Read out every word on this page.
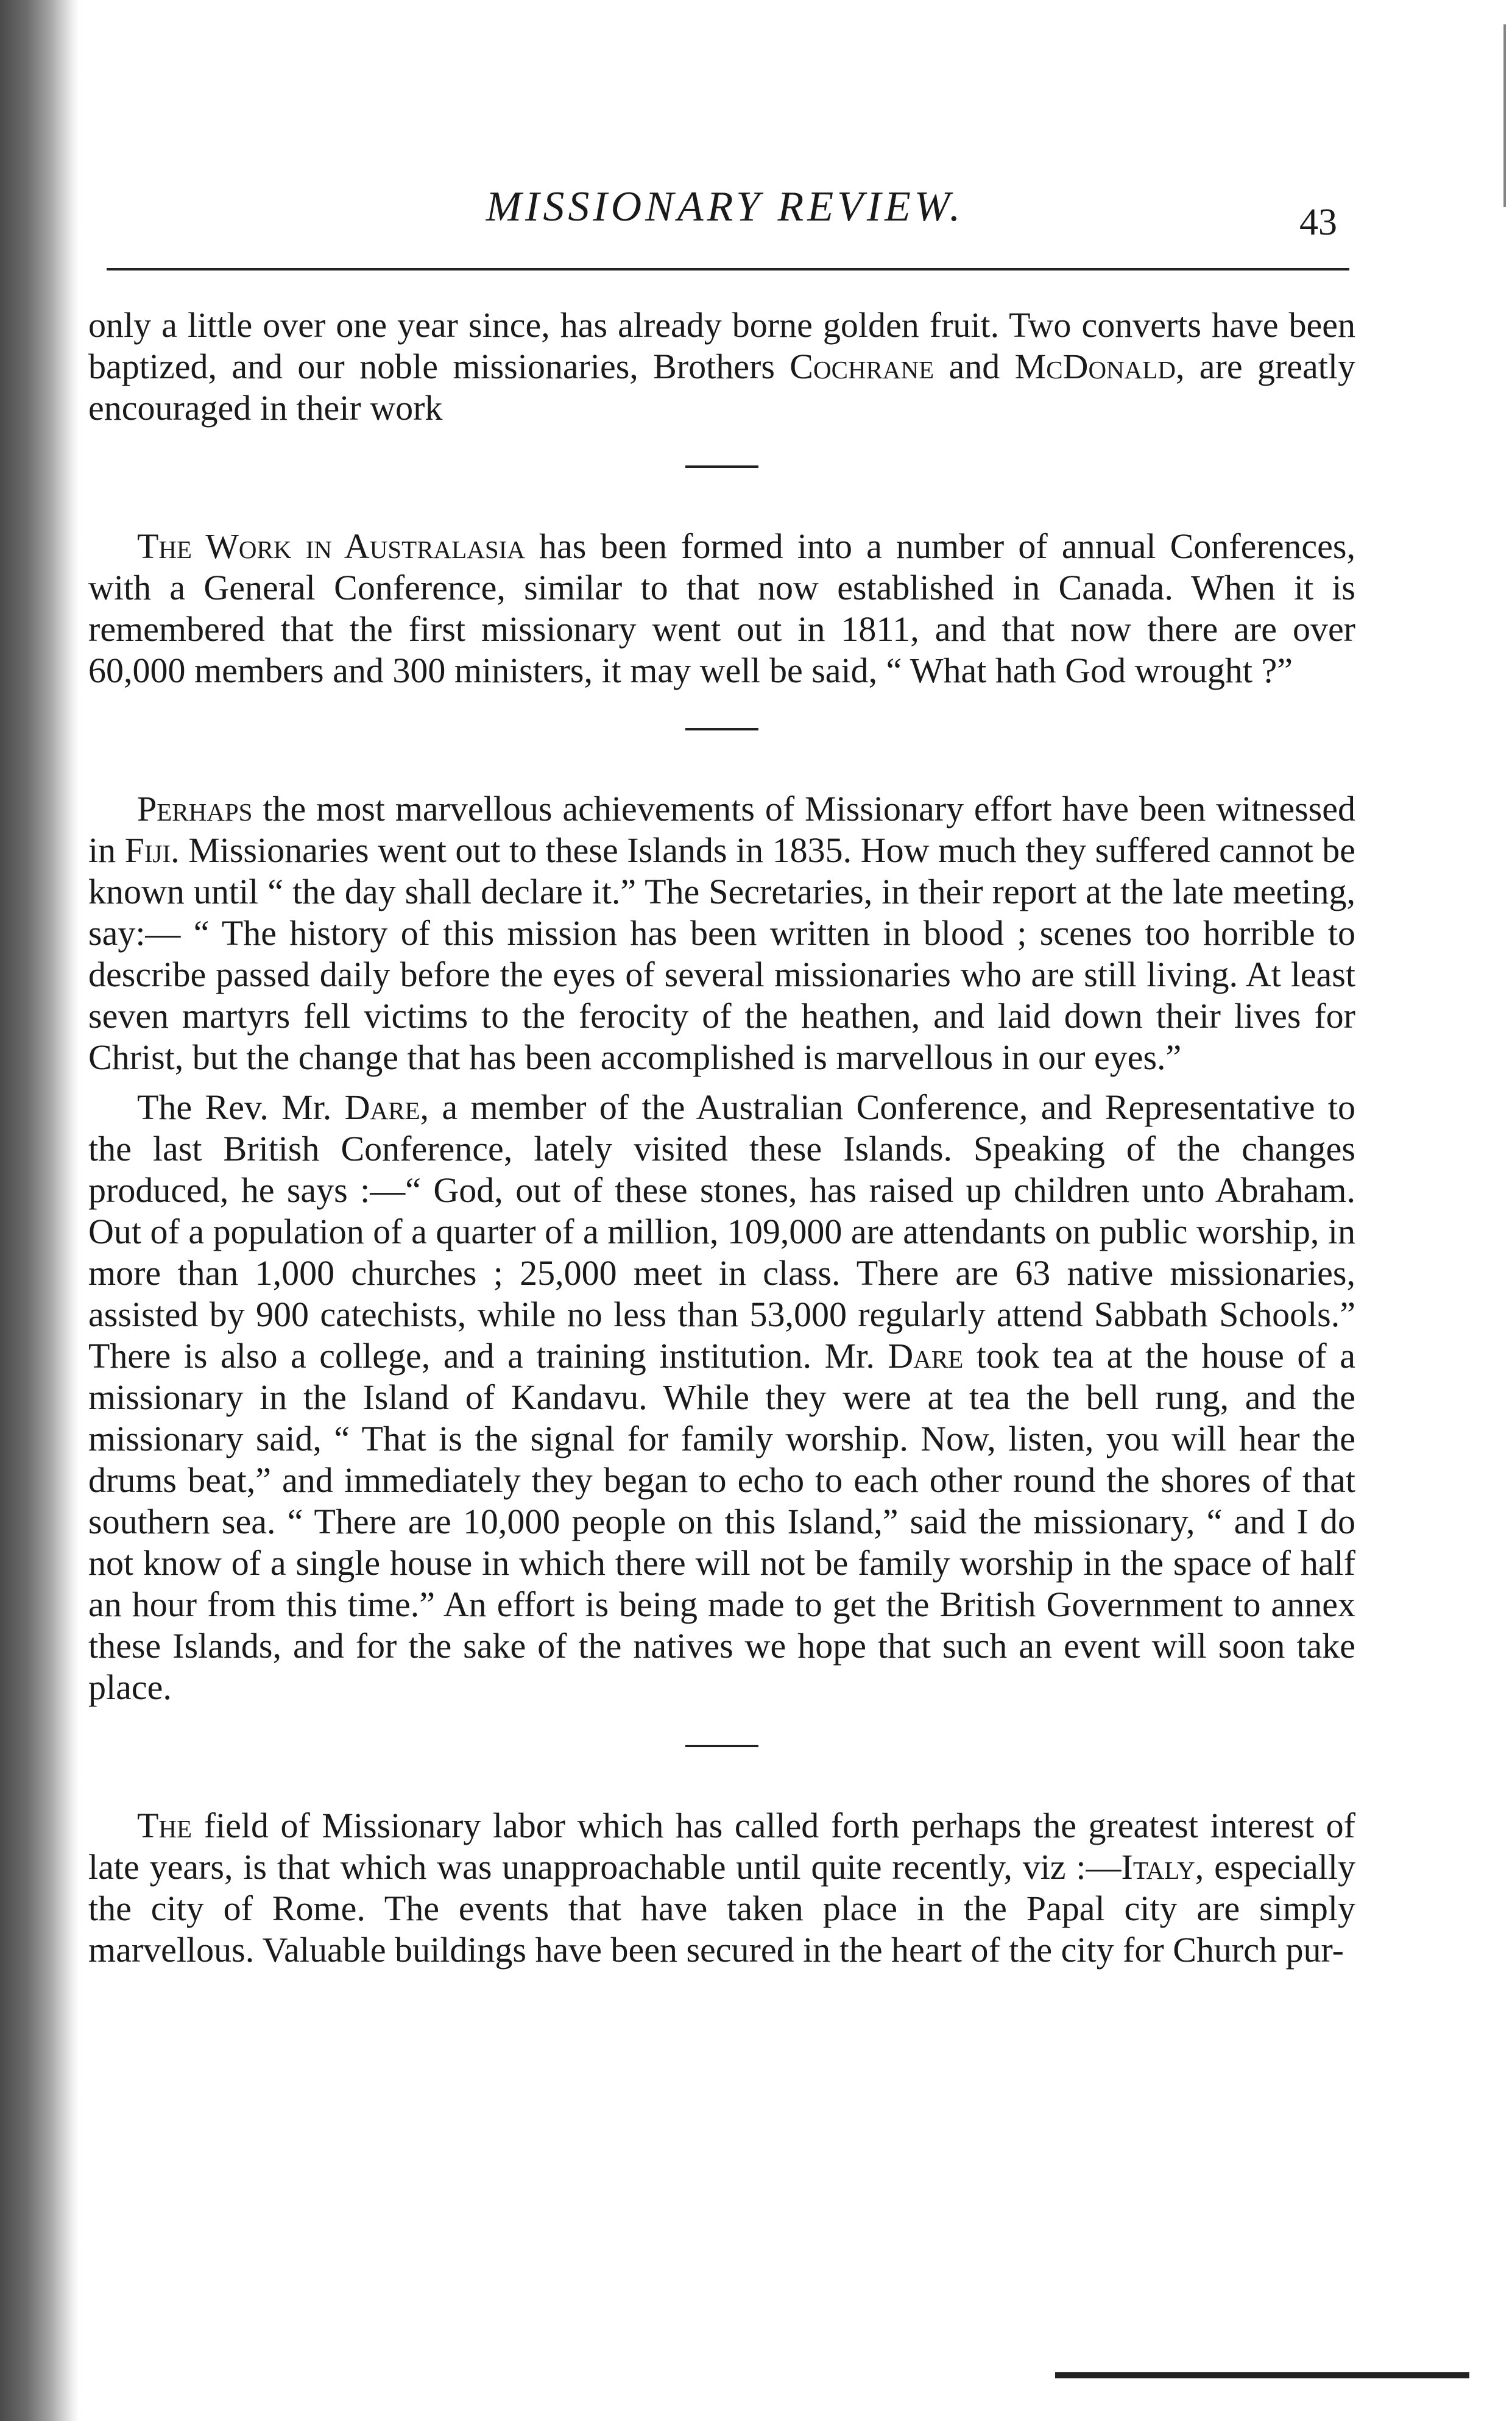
MISSIONARY REVIEW.	43

only a little over one year since, has already borne golden fruit. Two converts have been baptized, and our noble missionaries, Brothers Cochrane and McDonald, are greatly encouraged in their work

The Work in Australasia has been formed into a number of annual Conferences, with a General Conference, similar to that now established in Canada. When it is remembered that the first missionary went out in 1811, and that now there are over 60,000 members and 300 ministers, it may well be said, “ What hath God wrought ?”

Perhaps the most marvellous achievements of Missionary effort have been witnessed in Fiji. Missionaries went out to these Islands in 1835. How much they suffered cannot be known until “ the day shall declare it.” The Secretaries, in their report at the late meeting, say:— “ The history of this mission has been written in blood ; scenes too horrible to describe passed daily before the eyes of several missionaries who are still living. At least seven martyrs fell victims to the ferocity of the heathen, and laid down their lives for Christ, but the change that has been accomplished is marvellous in our eyes.”

The Rev. Mr. Dare, a member of the Australian Conference, and Representative to the last British Conference, lately visited these Islands. Speaking of the changes produced, he says :—“ God, out of these stones, has raised up children unto Abraham. Out of a population of a quarter of a million, 109,000 are attendants on public worship, in more than 1,000 churches ; 25,000 meet in class. There are 63 native missionaries, assisted by 900 catechists, while no less than 53,000 regularly attend Sabbath Schools.” There is also a college, and a training institution. Mr. Dare took tea at the house of a missionary in the Island of Kandavu. While they were at tea the bell rung, and the missionary said, “ That is the signal for family worship. Now, listen, you will hear the drums beat,” and immediately they began to echo to each other round the shores of that southern sea. “ There are 10,000 people on this Island,” said the missionary, “ and I do not know of a single house in which there will not be family worship in the space of half an hour from this time.” An effort is being made to get the British Government to annex these Islands, and for the sake of the natives we hope that such an event will soon take place.

The field of Missionary labor which has called forth perhaps the greatest interest of late years, is that which was unapproachable until quite recently, viz :—Italy, especially the city of Rome. The events that have taken place in the Papal city are simply marvellous. Valuable buildings have been secured in the heart of the city for Church pur-
